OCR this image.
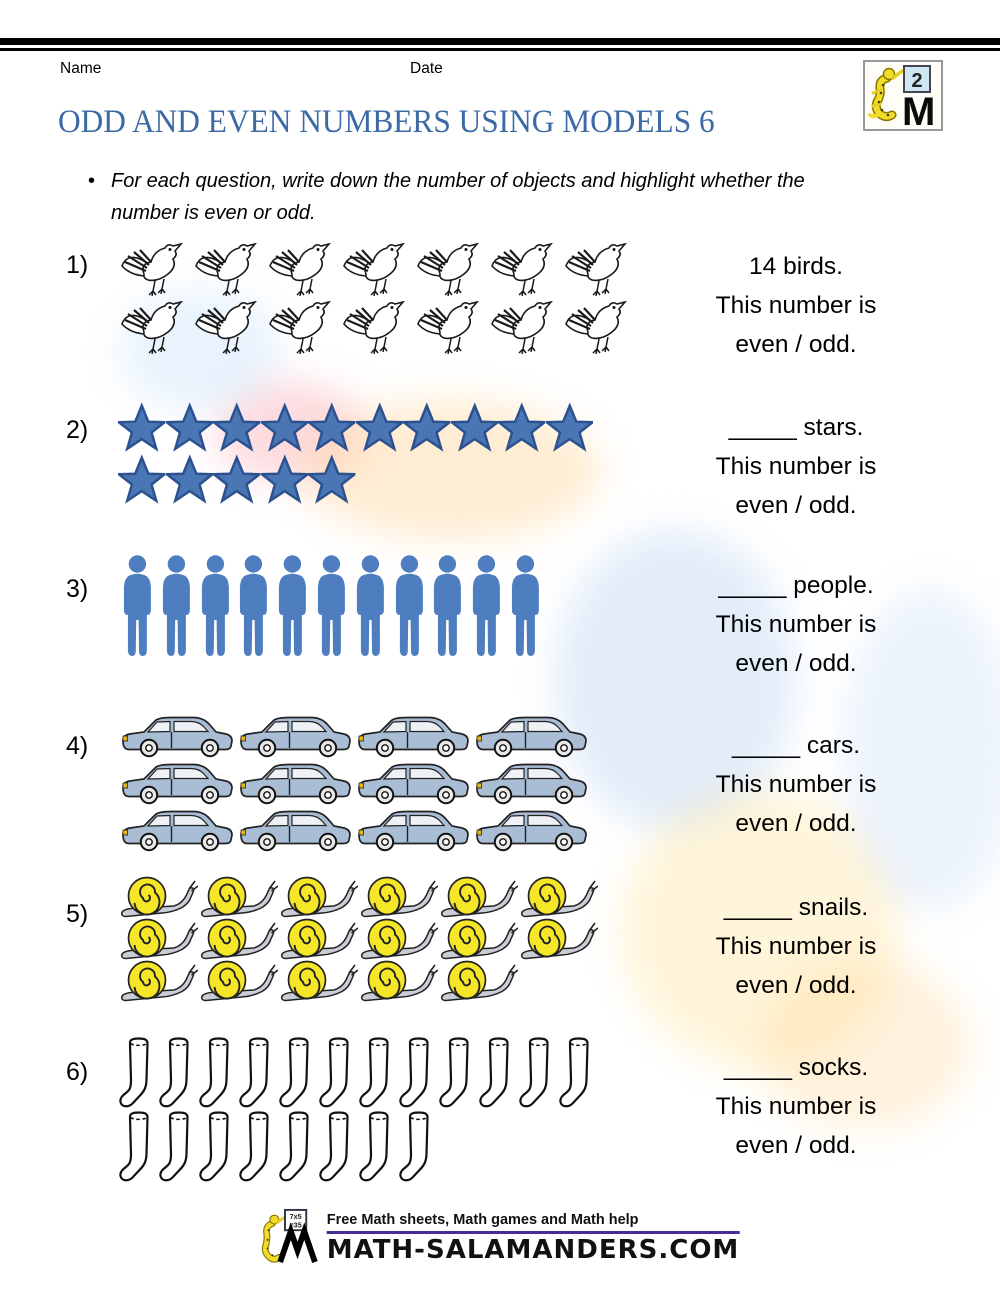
Name	Date
2
M
ODD AND EVEN NUMBERS USING MODELS 6
• For each question, write down the number of objects and highlight whether the number is even or odd.
1)	14 birds.
This number is
even / odd.
2)	_____ stars.
This number is
even / odd.
3)	_____ people.
This number is
even / odd.
4)	_____ cars.
This number is
even / odd.
5)	_____ snails.
This number is
even / odd.
6)	_____ socks.
This number is
even / odd.
7x5
=35 Free Math sheets, Math games and Math help
MATH-SALAMANDERS.COM
